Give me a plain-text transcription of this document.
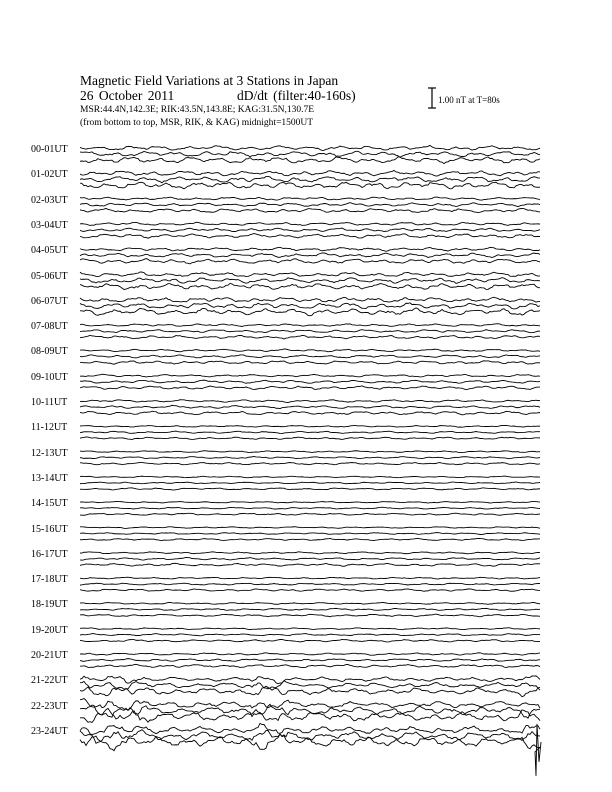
Magnetic Field Variations at 3 Stations in Japan
26 October 2011	dD/dt (filter:40-160s)
MSR:44.4N,142.3E; RIK:43.5N,143.8E; KAG:31.5N,130.7E
(from bottom to top, MSR, RIK, & KAG) midnight=1500UT
1.00 nT at T=80s
00-01UT
01-02UT
02-03UT
03-04UT
04-05UT
05-06UT
06-07UT
07-08UT
08-09UT
09-10UT
10-11UT
11-12UT
12-13UT
13-14UT
14-15UT
15-16UT
16-17UT
17-18UT
18-19UT
19-20UT
20-21UT
21-22UT
22-23UT
23-24UT
